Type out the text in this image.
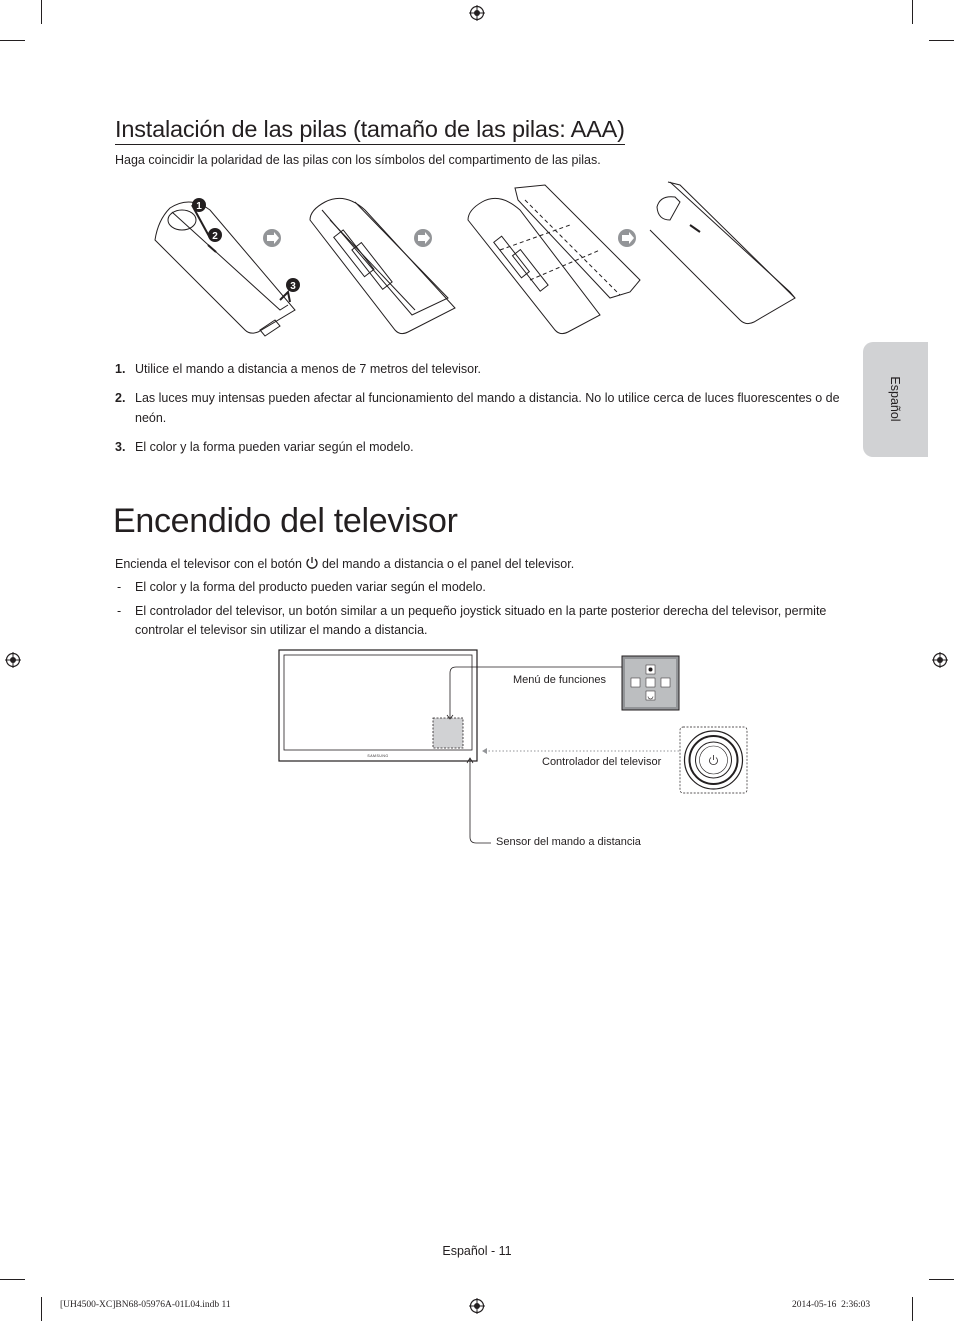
Instalación de las pilas (tamaño de las pilas: AAA)
Haga coincidir la polaridad de las pilas con los símbolos del compartimento de las pilas.
1
2
3
1. Utilice el mando a distancia a menos de 7 metros del televisor.
2. Las luces muy intensas pueden afectar al funcionamiento del mando a distancia. No lo utilice cerca de luces fluorescentes o de neón.
3. El color y la forma pueden variar según el modelo.
Encendido del televisor
Encienda el televisor con el botón del mando a distancia o el panel del televisor.
- El color y la forma del producto pueden variar según el modelo.
- El controlador del televisor, un botón similar a un pequeño joystick situado en la parte posterior derecha del televisor, permite controlar el televisor sin utilizar el mando a distancia.
SAMSUNG
Menú de funciones
Controlador del televisor
Sensor del mando a distancia
Español
Español - 11
[UH4500-XC]BN68-05976A-01L04.indb 11	2014-05-16 ️ 2:36:03
